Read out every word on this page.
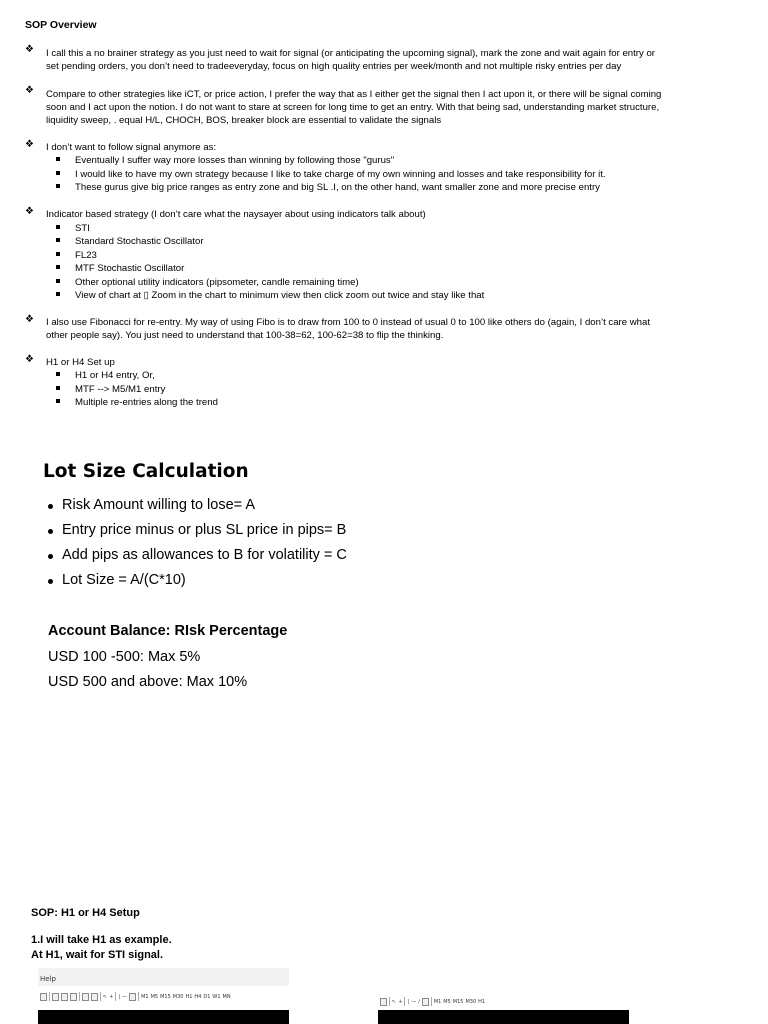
SOP Overview
❖ I call this a no brainer strategy as you just need to wait for signal (or anticipating the upcoming signal), mark the zone and wait again for entry or
set pending orders, you don’t need to tradeeveryday, focus on high quality entries per week/month and not multiple risky entries per day
❖ Compare to other strategies like iCT, or price action, I prefer the way that as I either get the signal then I act upon it, or there will be signal coming
soon and I act upon the notion. I do not want to stare at screen for long time to get an entry. With that being sad, understanding market structure,
liquidity sweep, . equal H/L, CHOCH, BOS, breaker block are essential to validate the signals
❖ I don’t want to follow signal anymore as:
Eventually I suffer way more losses than winning by following those "gurus"
I would like to have my own strategy because I like to take charge of my own winning and losses and take responsibility for it.
These gurus give big price ranges as entry zone and big SL .I, on the other hand, want smaller zone and more precise entry
❖ Indicator based strategy (I don’t care what the naysayer about using indicators talk about)
STI
Standard Stochastic Oscillator
FL23
MTF Stochastic Oscillator
Other optional utility indicators (pipsometer, candle remaining time)
View of chart at ▯ Zoom in the chart to minimum view then click zoom out twice and stay like that
❖ I also use Fibonacci for re-entry. My way of using Fibo is to draw from 100 to 0 instead of usual 0 to 100 like others do (again, I don’t care what
other people say). You just need to understand that 100-38=62, 100-62=38 to flip the thinking.
❖ H1 or H4 Set up
H1 or H4 entry, Or,
MTF --> M5/M1 entry
Multiple re-entries along the trend
Lot Size Calculation
Risk Amount willing to lose= A
Entry price minus or plus SL price in pips= B
Add pips as allowances to B for volatility = C
Lot Size = A/(C*10)
Account Balance: RIsk Percentage
USD 100 -500: Max 5%
USD 500 and above: Max 10%
SOP: H1 or H4 Setup
1.I will take H1 as example.
At H1, wait for STI signal.
Help
↖ + | —	M1 M5 M15 M30 H1 H4 D1 W1 MN
↖ + | — ∕	M1 M5 M15 M30 H1
